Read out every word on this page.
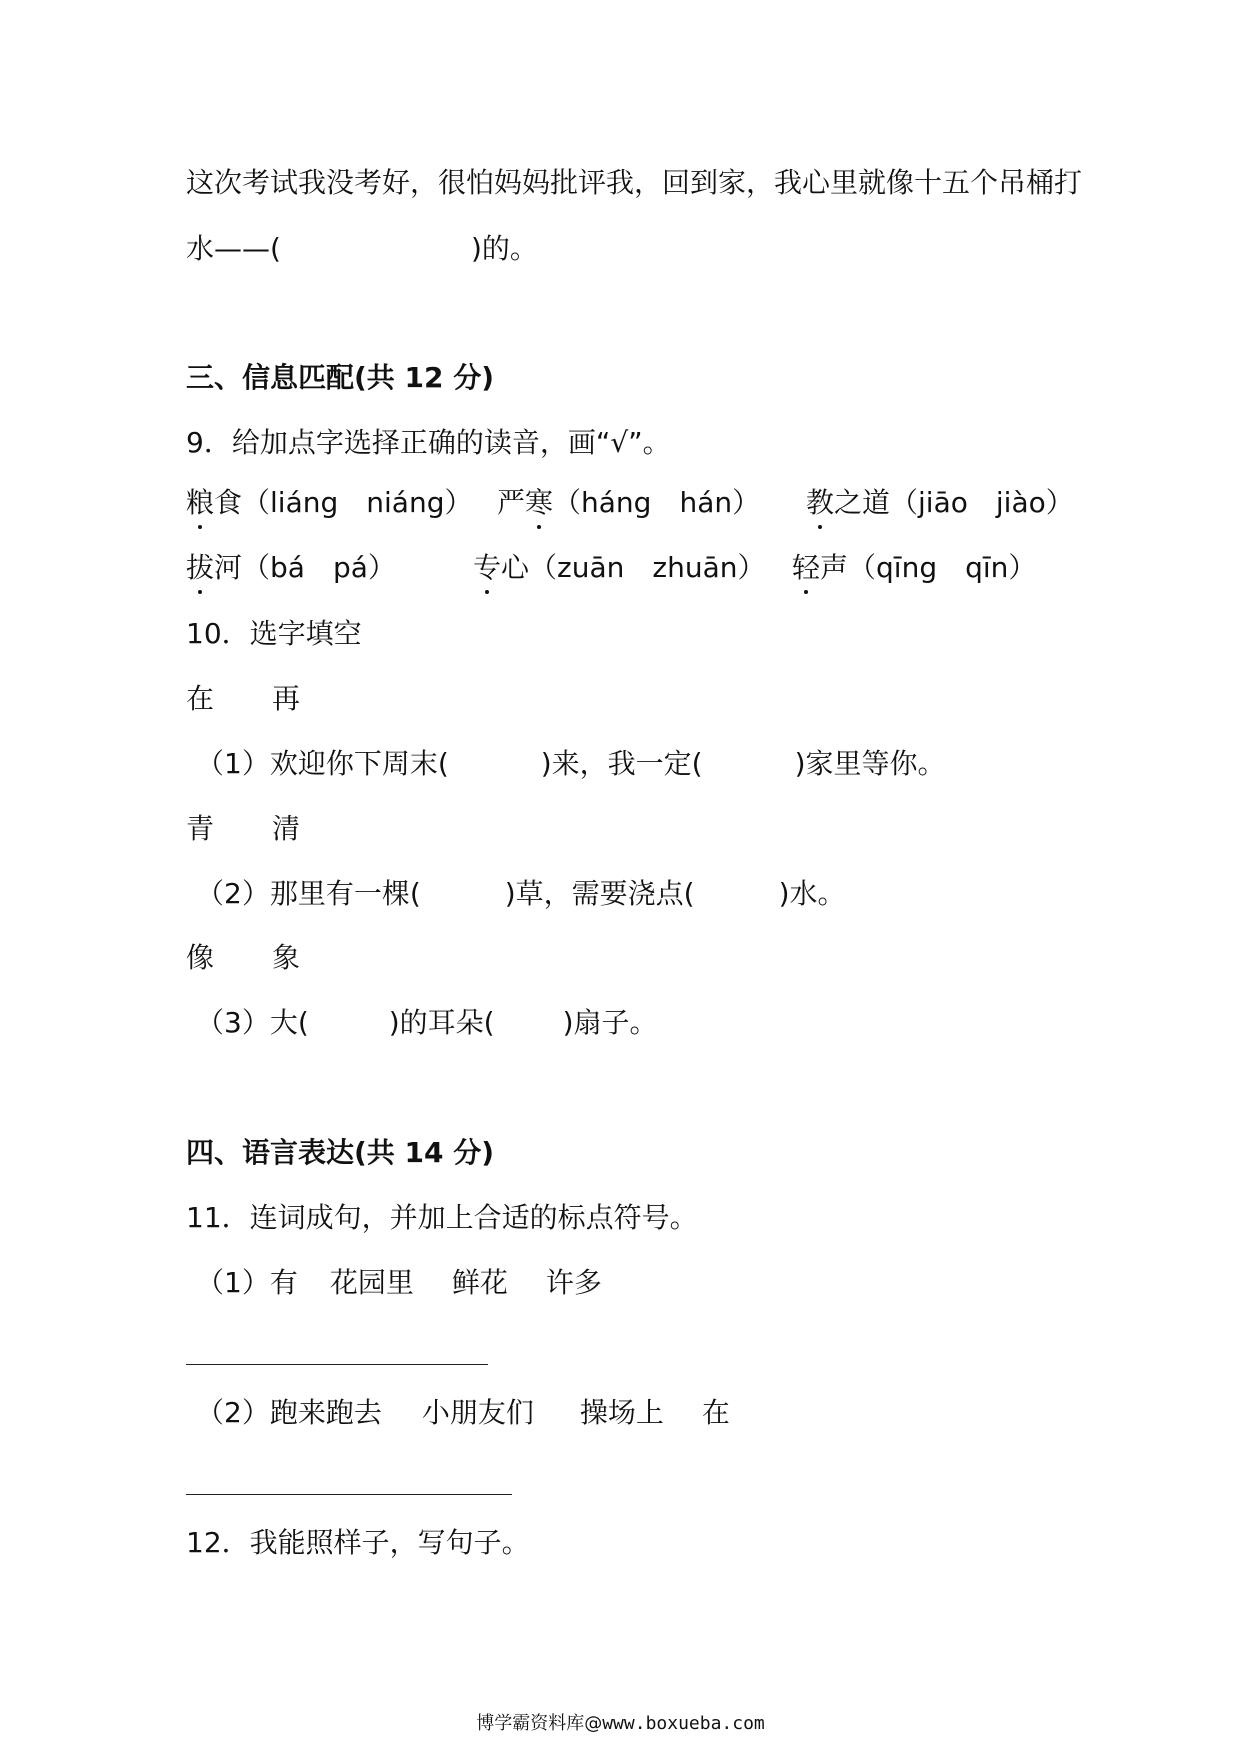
这次考试我没考好，很怕妈妈批评我，回到家，我心里就像十五个吊桶打
水——(	)的。
三、信息匹配(共 12 分)
9．给加点字选择正确的读音，画“√”。
粮食（liáng　niáng） 严寒（háng　hán） 教之道（jiāo　jiào）
拔河（bá　pá）	专心（zuān　zhuān） 轻声（qīng　qīn）
10．选字填空
在 再
（1）欢迎你下周末(	)来，我一定(	)家里等你。
青 清
（2）那里有一棵(	)草，需要浇点(	)水。
像 象
（3）大(	)的耳朵( )扇子。
四、语言表达(共 14 分)
11．连词成句，并加上合适的标点符号。
（1）有 花园里 鲜花 许多
（2）跑来跑去 小朋友们 操场上 在
12．我能照样子，写句子。
博学霸资料库@www.boxueba.com
